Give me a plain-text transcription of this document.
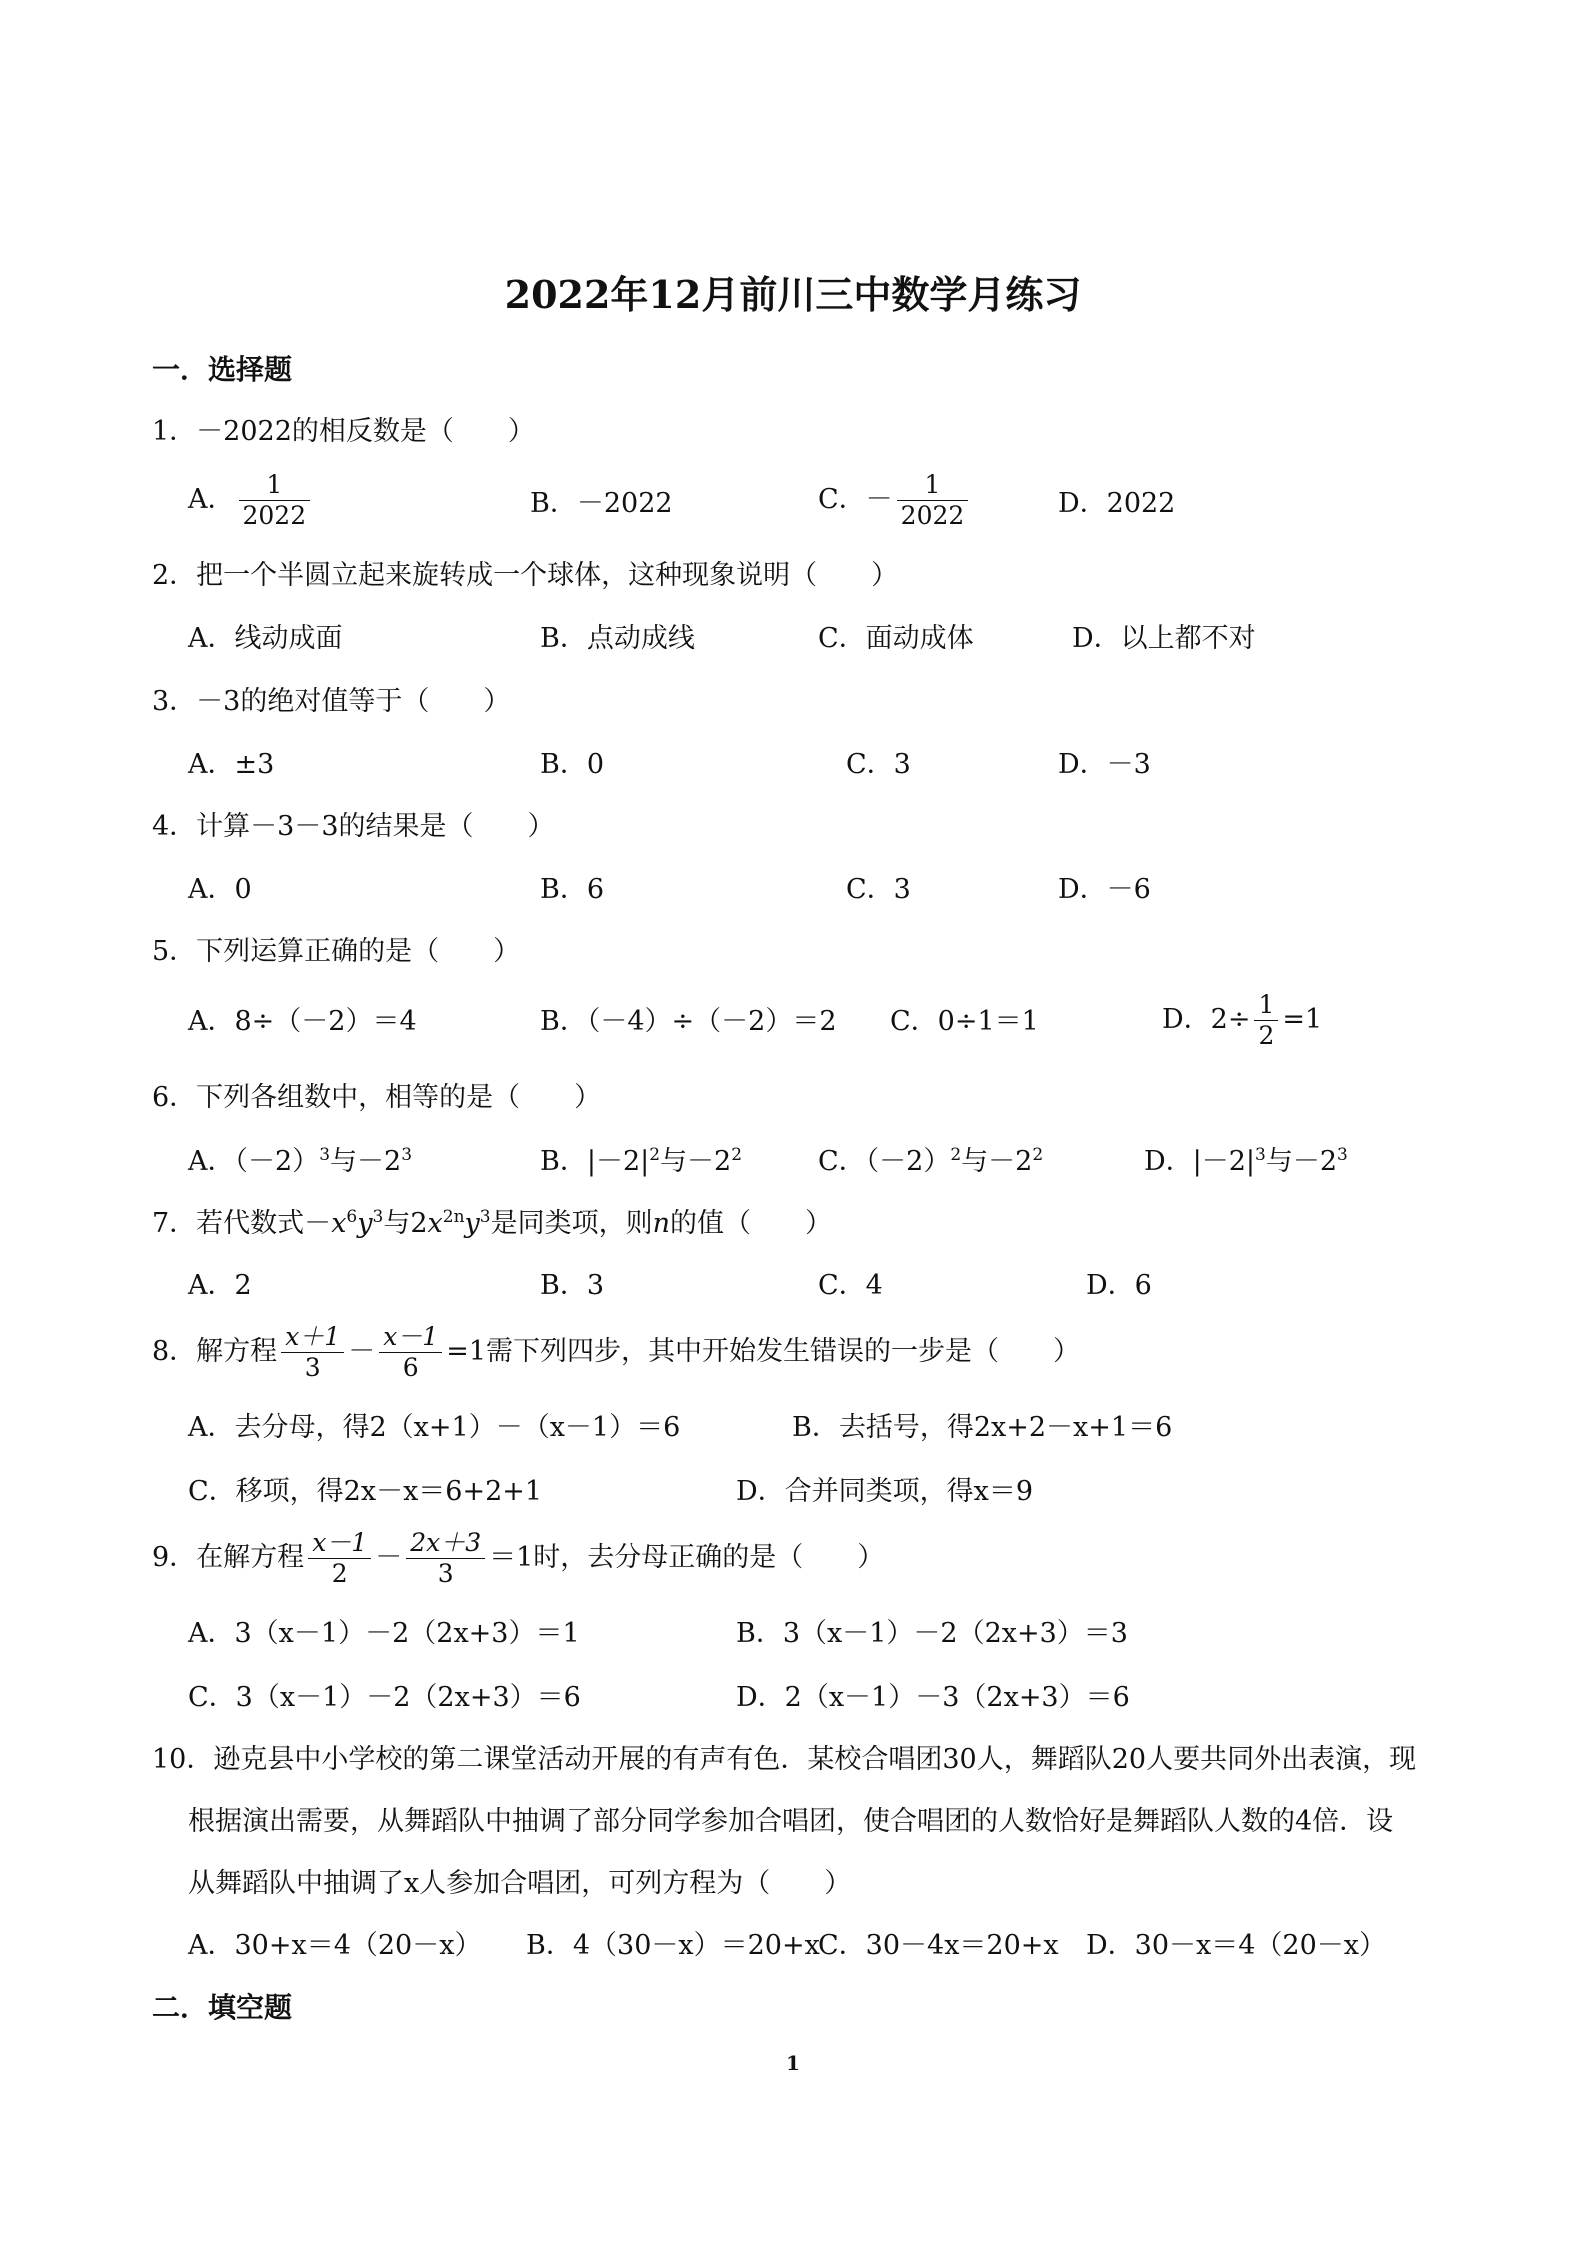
2022年12月前川三中数学月练习
一．选择题
1．－2022的相反数是（　　）
A． $\frac{1}{2022}$	B．－2022	C．－ $\frac{1}{2022}$	D．2022
2．把一个半圆立起来旋转成一个球体，这种现象说明（　　）
A．线动成面	B．点动成线	C．面动成体	D．以上都不对
3．－3的绝对值等于（　　）
A．±3	B．0	C．3	D．－3
4．计算－3－3的结果是（　　）
A．0	B．6	C．3	D．－6
5．下列运算正确的是（　　）
A．8÷（－2）＝4	B．（－4）÷（－2）＝2 C．0÷1＝1	D．$2\div \frac{1}{2} =1$
6．下列各组数中，相等的是（　　）
A．$(-2)^3$与$-2^3$	B．$|-2|^2$与$-2^2$	C．$(-2)^2$与$-2^2$	D．$|-2|^3$与$-2^3$
7．若代数式$-x^6y^3$与$2x^{2n}y^3$是同类项，则n的值（　　）
A．2	B．3	C．4	D．6
8．解方程 $\frac{x+1}{3} - \frac{x-1}{6} =1$需下列四步，其中开始发生错误的一步是（　　）
A．去分母，得2（x+1）－（x－1）＝6	B．去括号，得2x+2－x+1＝6
C．移项，得2x－x＝6+2+1	D．合并同类项，得x＝9
9．在解方程 $\frac{x-1}{2} - \frac{2x+3}{3} =1$时，去分母正确的是（　　）
A．3（x－1）－2（2x+3）＝1	B．3（x－1）－2（2x+3）＝3
C．3（x－1）－2（2x+3）＝6	D．2（x－1）－3（2x+3）＝6
10．逊克县中小学校的第二课堂活动开展的有声有色．某校合唱团30人，舞蹈队20人要共同外出表演，现
根据演出需要，从舞蹈队中抽调了部分同学参加合唱团，使合唱团的人数恰好是舞蹈队人数的4倍．设
从舞蹈队中抽调了x人参加合唱团，可列方程为（　　）
A．30+x＝4（20－x） B．4（30－x）＝20+x
C．30－4x＝20+x D．30－x＝4（20－x）
二．填空题
1
